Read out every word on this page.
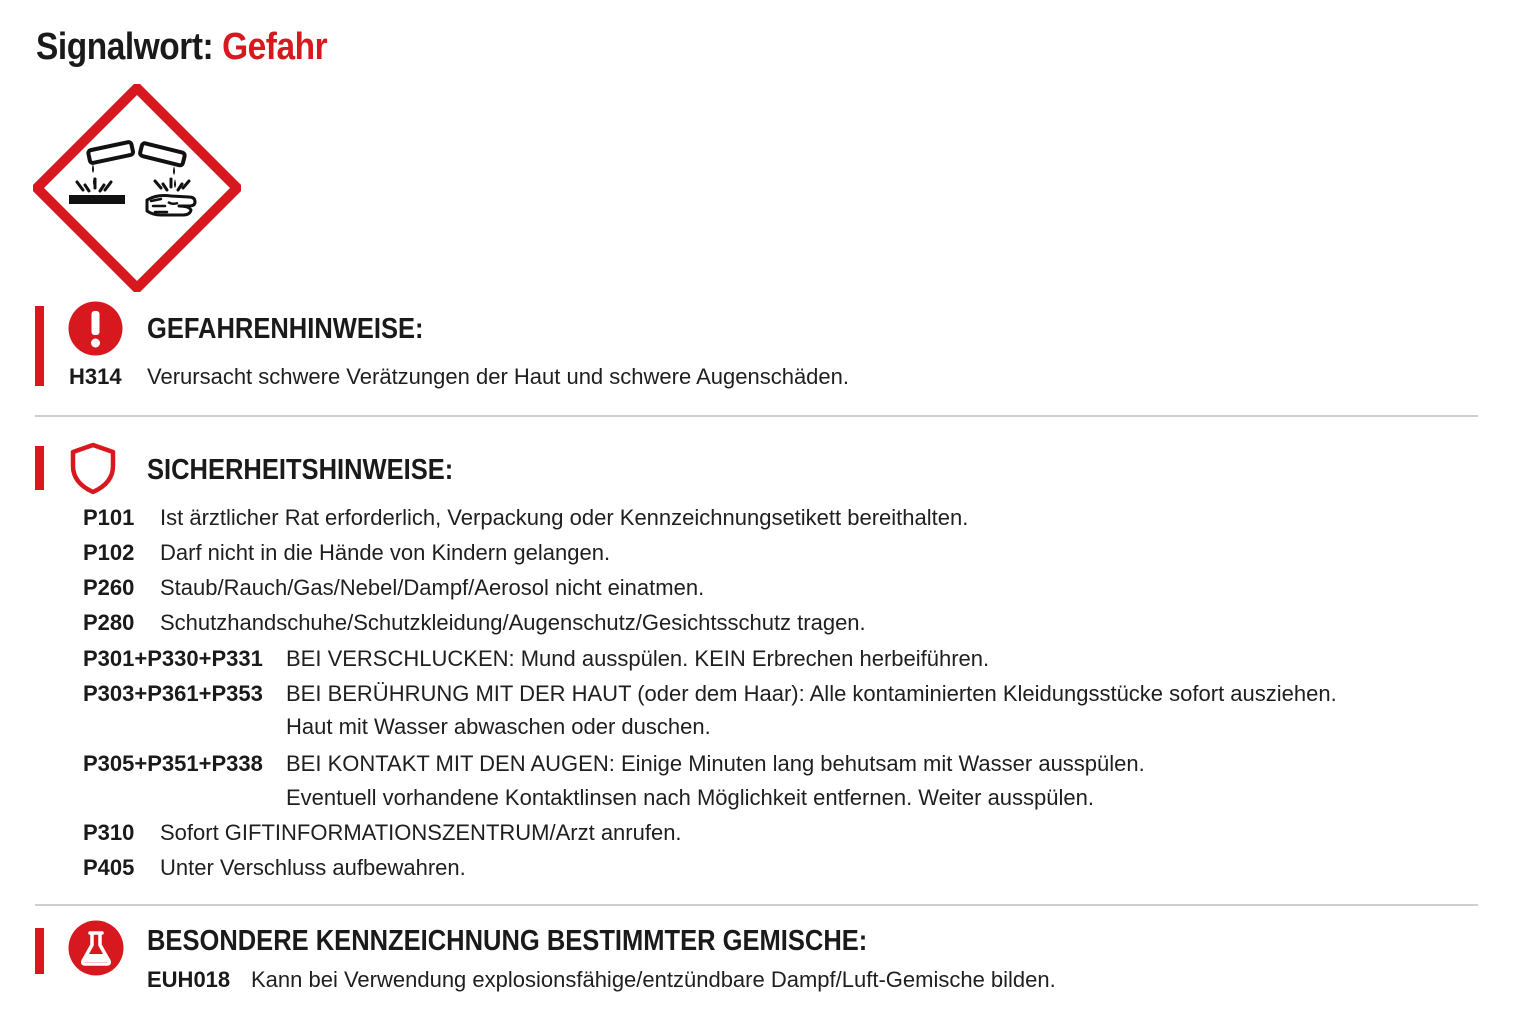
Signalwort: Gefahr
GEFAHRENHINWEISE:
H314 Verursacht schwere Verätzungen der Haut und schwere Augenschäden.
SICHERHEITSHINWEISE:
P101 Ist ärztlicher Rat erforderlich, Verpackung oder Kennzeichnungsetikett bereithalten.
P102 Darf nicht in die Hände von Kindern gelangen.
P260 Staub/Rauch/Gas/Nebel/Dampf/Aerosol nicht einatmen.
P280 Schutzhandschuhe/Schutzkleidung/Augenschutz/Gesichtsschutz tragen.
P301+P330+P331 BEI VERSCHLUCKEN: Mund ausspülen. KEIN Erbrechen herbeiführen.
P303+P361+P353 BEI BERÜHRUNG MIT DER HAUT (oder dem Haar): Alle kontaminierten Kleidungsstücke sofort ausziehen.
Haut mit Wasser abwaschen oder duschen.
P305+P351+P338 BEI KONTAKT MIT DEN AUGEN: Einige Minuten lang behutsam mit Wasser ausspülen.
Eventuell vorhandene Kontaktlinsen nach Möglichkeit entfernen. Weiter ausspülen.
P310 Sofort GIFTINFORMATIONSZENTRUM/Arzt anrufen.
P405 Unter Verschluss aufbewahren.
BESONDERE KENNZEICHNUNG BESTIMMTER GEMISCHE:
EUH018 Kann bei Verwendung explosionsfähige/entzündbare Dampf/Luft-Gemische bilden.
